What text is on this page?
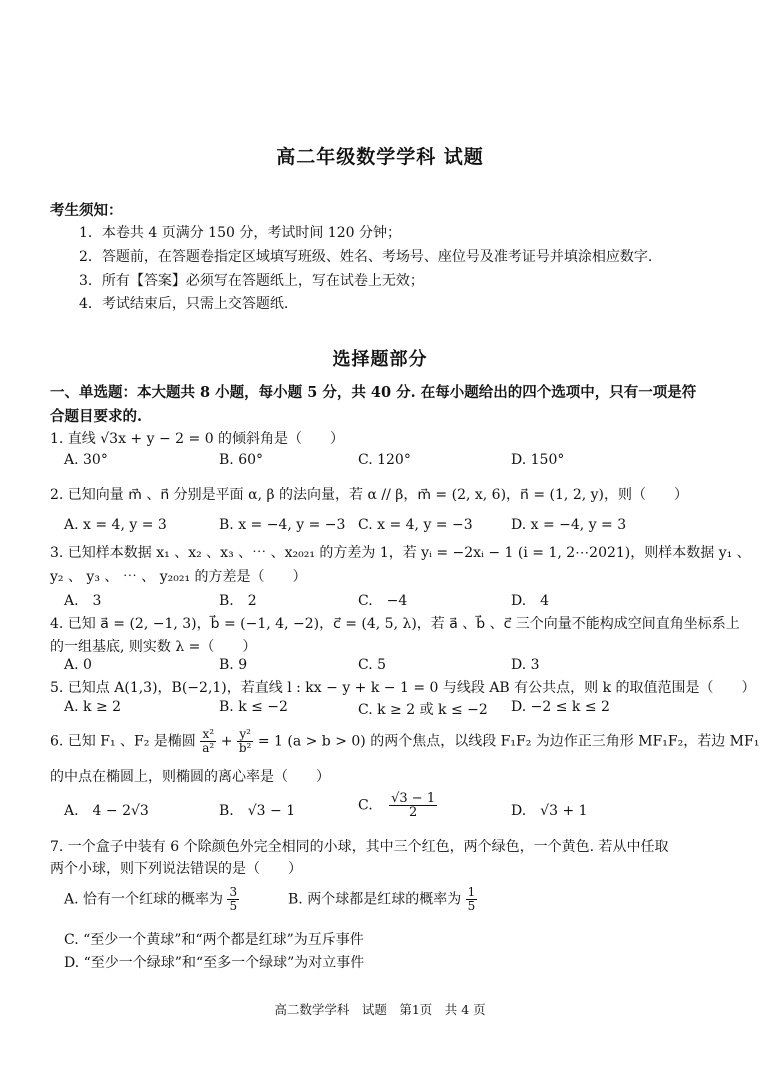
高二年级数学学科 试题
考生须知：
1．本卷共 4 页满分 150 分，考试时间 120 分钟；
2．答题前，在答题卷指定区域填写班级、姓名、考场号、座位号及准考证号并填涂相应数字.
3．所有【答案】必须写在答题纸上，写在试卷上无效；
4．考试结束后，只需上交答题纸.
选择题部分
一、单选题：本大题共 8 小题，每小题 5 分，共 40 分. 在每小题给出的四个选项中，只有一项是符
合题目要求的.
1. 直线 √3x + y − 2 = 0 的倾斜角是（　　）
A. 30°	B. 60°	C. 120°	D. 150°
2. 已知向量 m⃗ 、n⃗ 分别是平面 α, β 的法向量，若 α // β，m⃗ = (2, x, 6)，n⃗ = (1, 2, y)，则（　　）
A. x = 4, y = 3	B. x = −4, y = −3 C. x = 4, y = −3	D. x = −4, y = 3
3. 已知样本数据 x₁ 、x₂ 、x₃ 、⋯ 、x₂₀₂₁ 的方差为 1，若 yᵢ = −2xᵢ − 1 (i = 1, 2⋯2021)，则样本数据 y₁ 、
y₂ 、 y₃ 、 ⋯ 、 y₂₀₂₁ 的方差是（　　）
A.　3	B.　2	C.　−4	D.　4
4. 已知 a⃗ = (2, −1, 3)，b⃗ = (−1, 4, −2)，c⃗ = (4, 5, λ)，若 a⃗ 、b⃗ 、c⃗ 三个向量不能构成空间直角坐标系上
的一组基底, 则实数 λ =（　　）
A. 0	B. 9	C. 5	D. 3
5. 已知点 A(1,3)，B(−2,1)，若直线 l : kx − y + k − 1 = 0 与线段 AB 有公共点，则 k 的取值范围是（　　）
A. k ≥ 2	B. k ≤ −2	C. k ≥ 2 或 k ≤ −2 D. −2 ≤ k ≤ 2
6. 已知 F₁ 、F₂ 是椭圆 $\frac{\text{x²}}{\text{a²}} + \frac{\text{y²}}{\text{b²}} = 1$ (a > b > 0) 的两个焦点，以线段 F₁F₂ 为边作正三角形 MF₁F₂，若边 MF₁
的中点在椭圆上，则椭圆的离心率是（　　）
A.　4 − 2√3	B.　√3 − 1	C. $\frac{√3 - 1}{2}$	D.　√3 + 1
7. 一个盒子中装有 6 个除颜色外完全相同的小球，其中三个红色，两个绿色，一个黄色. 若从中任取
两个小球，则下列说法错误的是（　　）
A. 恰有一个红球的概率为 $\frac{3}{5}$	B. 两个球都是红球的概率为 $\frac{1}{5}$
C. “至少一个黄球”和“两个都是红球”为互斥事件
D. “至少一个绿球”和“至多一个绿球”为对立事件
高二数学学科　试题　第1页　共 4 页
